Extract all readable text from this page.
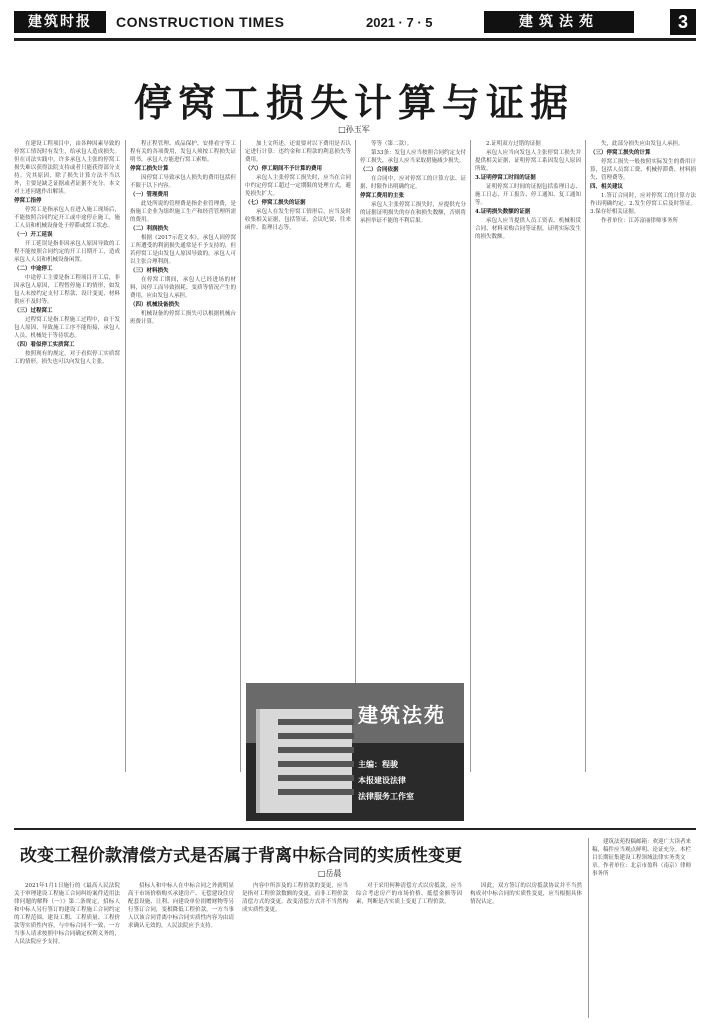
建筑时报	CONSTRUCTION TIMES	2021 · 7 · 5	建筑法苑	3
停窝工损失计算与证据
□孙玉军

在建设工程项目中，由各种因素导致的停窝工情况时有发生，给承包人造成损失。但在司法实践中，许多承包人主张的停窝工损失难以获得法院支持或者只能获得部分支持。究其原因，除了损失计算方法不当以外，主要是缺乏证据或者证据不充分。本文对上述问题作出解读。

停窝工指停

停窝工是指承包人在进入施工现场后，不能按照合同约定开工或中途停止施工，施工人员和机械设备处于停滞或窝工状态。

（一）开工延误

开工延误是指非因承包人原因导致的工程不能按照合同约定的开工日期开工，造成承包人人员和机械设备闲置。

（二）中途停工

中途停工主要是指工程项目开工后，非因承包人原因，工程暂停施工的情形，如发包人未按约定支付工程款、设计变更、材料供应不及时等。

（三）过程窝工

过程窝工是指工程施工过程中，由于发包人原因，导致施工工序不能衔接，承包人人员、机械处于等待状态。

（四）看似停工实质窝工

按照现有的规定，对于看似停工实质窝工的情形，损失也可以向发包人主张。

程正程管理、成品保护、安排看守等工程有关的各项费用，发包人须按工程损失证明书，承包人方能进行窝工索赔。

停窝工损失计算

因停窝工导致承包人损失的费用包括但不限于以下内容。

（一）管理费用

此处所说的管理费是指企业管理费，是指施工企业为组织施工生产和经营管理所需的费用。

（二）利润损失

根据《2017示范文本》，承包人因停窝工所遭受的利润损失通常是不予支持的，但若停窝工是由发包人原因导致的，承包人可以主张合理利润。

（三）材料损失

在停窝工期间，承包人已经进场的材料，因停工而导致损耗、变质等情况产生的费用，应由发包人承担。

（四）机械设备损失

机械设备的停窝工损失可以根据机械台班费计算。

加上文所述，还需要对以下费用是否认定进行计算：违约金和工程款的利息损失等费用。

（六）停工期间不予计算的费用

承包人主张停窝工损失时，应当在合同中约定停窝工超过一定期限的处理方式，避免损失扩大。

（七）停窝工损失的证据

承包人在发生停窝工情形后，应当及时收集相关证据，包括签证、会议纪要、往来函件、监理日志等。

等等（第二款）。

第33条：发包人应当按照合同约定支付停工损失，承包人应当采取措施减少损失。

（二）合同依据

在合同中，应对停窝工的计算方法、证据、时限作出明确约定。

停窝工费用的主张

承包人主张停窝工损失时，应提供充分的证据证明损失的存在和损失数额，否则将承担举证不能的不利后果。

2.证明双方过错的证据

承包人应当向发包人主张停窝工损失并提供相关证据，证明停窝工系因发包人原因所致。

3.证明停窝工时间的证据

证明停窝工时间的证据包括监理日志、施工日志、开工报告、停工通知、复工通知等。

4.证明损失数额的证据

承包人应当提供人员工资表、机械租赁合同、材料采购合同等证据，证明实际发生的损失数额。

失，此部分损失应由发包人承担。

（三）停窝工损失的计算

停窝工损失一般按照实际发生的费用计算，包括人员窝工费、机械停滞费、材料损失、管理费等。

四、相关建议

1.签订合同时，应对停窝工的计算方法作出明确约定。2.发生停窝工后及时签证。3.保存好相关证据。

作者单位：江苏富丽律师事务所

建筑法苑
主编：程骏
本报建设法律
法律服务工作室
改变工程价款清偿方式是否属于背离中标合同的实质性变更
□岳晨

2021年1月1日施行的《最高人民法院关于审理建设工程施工合同纠纷案件适用法律问题的解释（一）》第二条规定，招标人和中标人另行签订的建设工程施工合同约定的工程范围、建设工期、工程质量、工程价款等实质性内容，与中标合同不一致，一方当事人请求按照中标合同确定权利义务的，人民法院应予支持。

招标人和中标人在中标合同之外就明显高于市场价格购买承建房产、无偿建设住房配套设施、让利、向建设单位捐赠财物等另行签订合同，变相降低工程价款，一方当事人以该合同背离中标合同实质性内容为由请求确认无效的，人民法院应予支持。

内容中所涉及的工程价款的变更，应当是指对工程价款数额的变更，而非工程价款清偿方式的变更。改变清偿方式并不当然构成实质性变更。

对于采用何种清偿方式以房抵款，应当综合考虑房产的市场价格、抵偿金额等因素，判断是否实质上变更了工程价款。

因此，双方签订的以房抵款协议并不当然构成对中标合同的实质性变更，应当根据具体情况认定。

建筑法苑投稿邮箱：欢迎广大读者来稿，稿件应当观点鲜明、论证充分。本栏目长期征集建设工程领域法律实务类文章。作者单位：北京市盈科（南京）律师事务所
